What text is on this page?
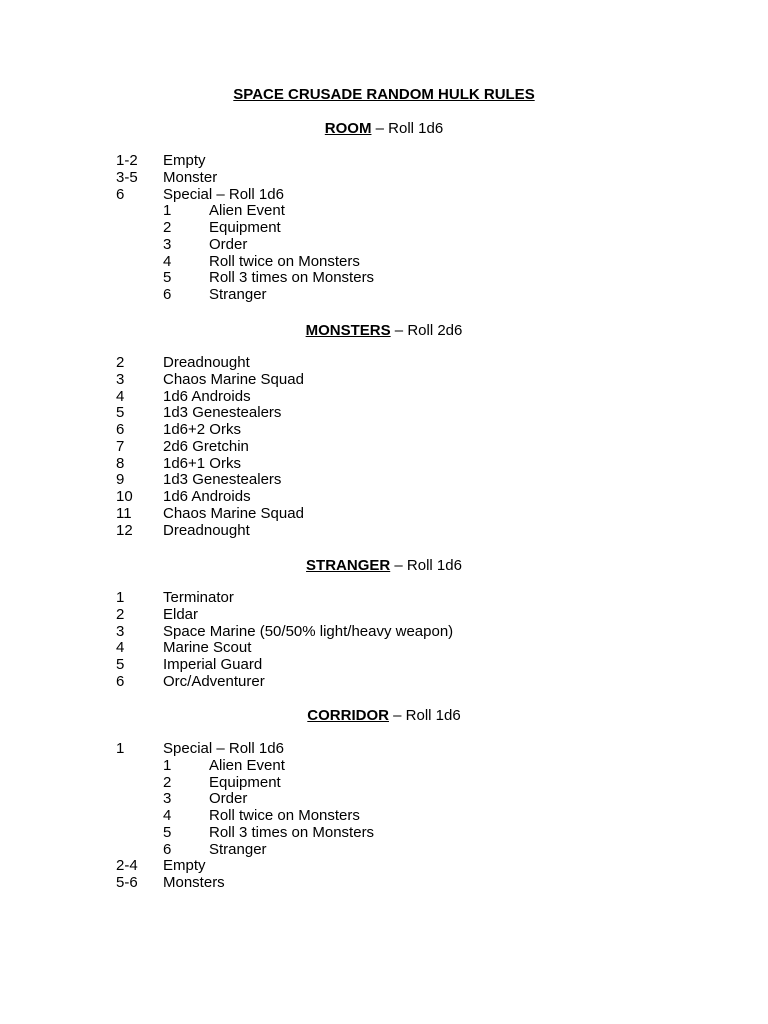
SPACE CRUSADE RANDOM HULK RULES
ROOM – Roll 1d6
1-2 Empty
3-5 Monster
6	Special – Roll 1d6
1	Alien Event
2	Equipment
3	Order
4	Roll twice on Monsters
5	Roll 3 times on Monsters
6	Stranger
MONSTERS – Roll 2d6
2	Dreadnought
3	Chaos Marine Squad
4	1d6 Androids
5	1d3 Genestealers
6	1d6+2 Orks
7	2d6 Gretchin
8	1d6+1 Orks
9	1d3 Genestealers
10 1d6 Androids
11 Chaos Marine Squad
12 Dreadnought
STRANGER – Roll 1d6
1	Terminator
2	Eldar
3	Space Marine (50/50% light/heavy weapon)
4	Marine Scout
5	Imperial Guard
6	Orc/Adventurer
CORRIDOR – Roll 1d6
1	Special – Roll 1d6
1	Alien Event
2	Equipment
3	Order
4	Roll twice on Monsters
5	Roll 3 times on Monsters
6	Stranger
2-4 Empty
5-6 Monsters
